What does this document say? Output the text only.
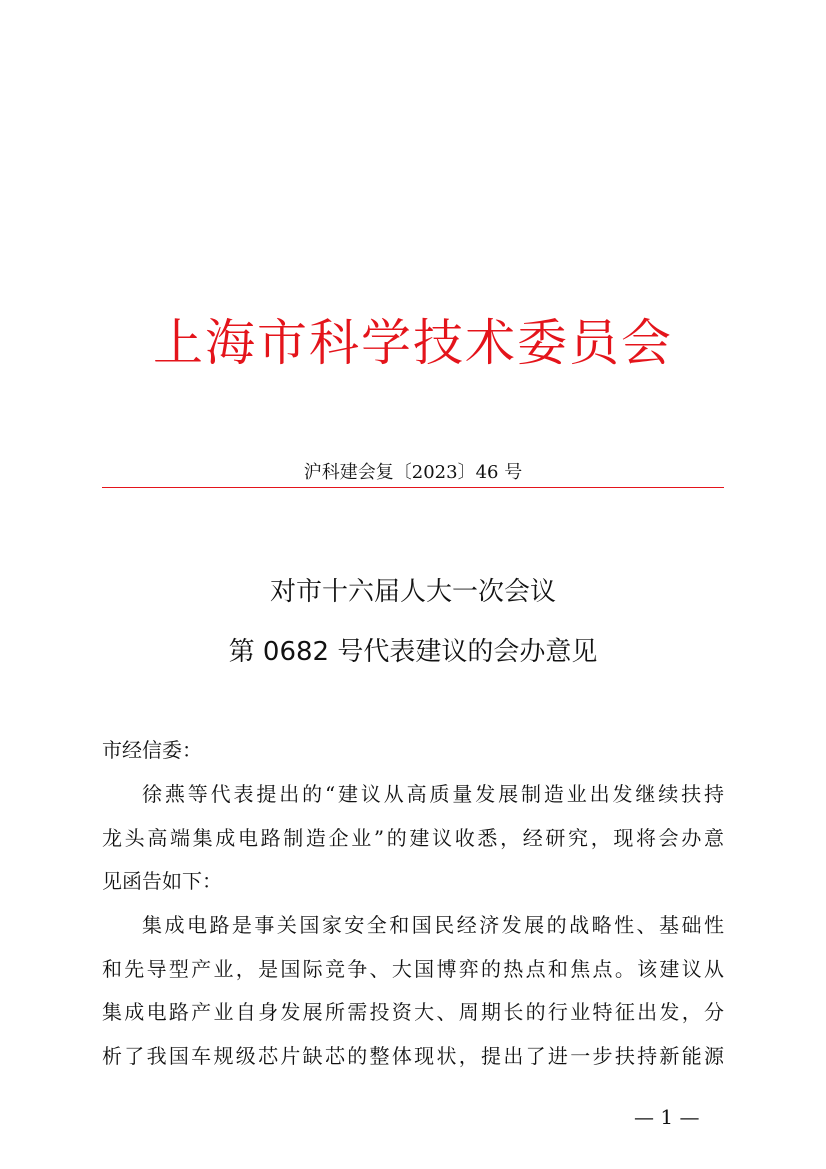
上海市科学技术委员会
沪科建会复〔2023〕46 号
对市十六届人大一次会议
第 0682 号代表建议的会办意见
市经信委：
徐燕等代表提出的“建议从高质量发展制造业出发继续扶持
龙头高端集成电路制造企业”的建议收悉，经研究，现将会办意
见函告如下：
集成电路是事关国家安全和国民经济发展的战略性、基础性
和先导型产业，是国际竞争、大国博弈的热点和焦点。该建议从
集成电路产业自身发展所需投资大、周期长的行业特征出发，分
析了我国车规级芯片缺芯的整体现状，提出了进一步扶持新能源
— 1 —
